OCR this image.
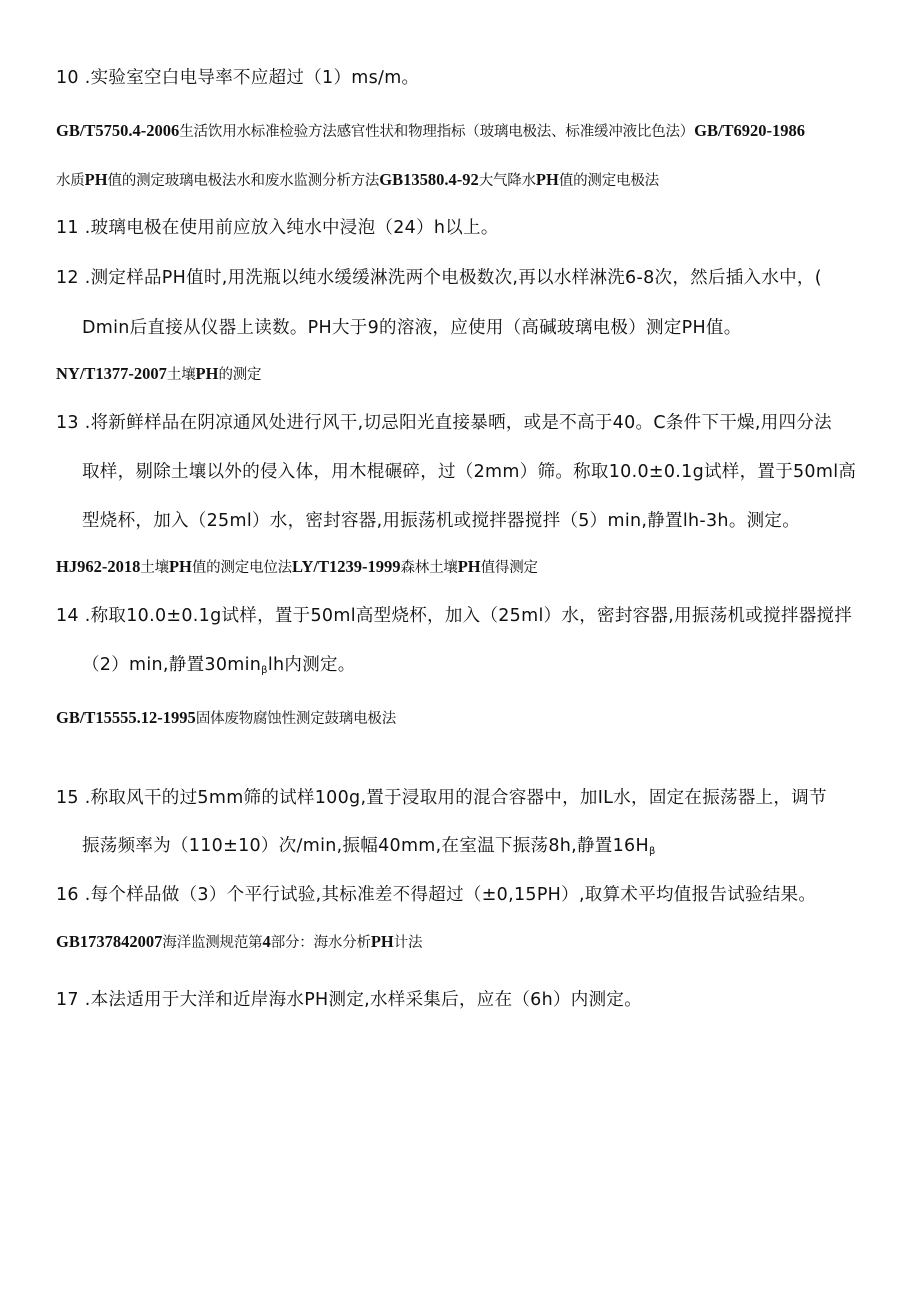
10 .实验室空白电导率不应超过（1）ms∕m。
GB/T5750.4-2006生活饮用水标准检验方法感官性状和物理指标（玻璃电极法、标准缓冲液比色法）GB/T6920-1986
水质PH值的测定玻璃电极法水和废水监测分析方法GB13580.4-92大气降水PH值的测定电极法
11 .玻璃电极在使用前应放入纯水中浸泡（24）h以上。
12 .测定样品PH值时,用洗瓶以纯水缓缓淋洗两个电极数次,再以水样淋洗6-8次，然后插入水中，(
Dmin后直接从仪器上读数。PH大于9的溶液，应使用（高碱玻璃电极）测定PH值。
NY/T1377-2007土壤PH的测定
13 .将新鲜样品在阴凉通风处进行风干,切忌阳光直接暴晒，或是不高于40。C条件下干燥,用四分法
取样，剔除土壤以外的侵入体，用木棍碾碎，过（2mm）筛。称取10.0±0.1g试样，置于50ml高
型烧杯，加入（25ml）水，密封容器,用振荡机或搅拌器搅拌（5）min,静置lh-3h。测定。
HJ962-2018土壤PH值的测定电位法LY/T1239-1999森林土壤PH值得测定
14 .称取10.0±0.1g试样，置于50ml高型烧杯，加入（25ml）水，密封容器,用振荡机或搅拌器搅拌
（2）min,静置$30\min_\beta lh$内测定。
GB/T15555.12-1995固体废物腐蚀性测定鼓璃电极法
15 .称取风干的过5mm筛的试样100g,置于浸取用的混合容器中，加IL水，固定在振荡器上，调节
振荡频率为（110±10）次∕min,振幅40mm,在室温下振荡8h,静置$16H_\beta$
16 .每个样品做（3）个平行试验,其标准差不得超过（±0,15PH）,取算术平均值报告试验结果。
GB1737842007海洋监测规范第4部分：海水分析PH计法
17 .本法适用于大洋和近岸海水PH测定,水样采集后，应在（6h）内测定。
